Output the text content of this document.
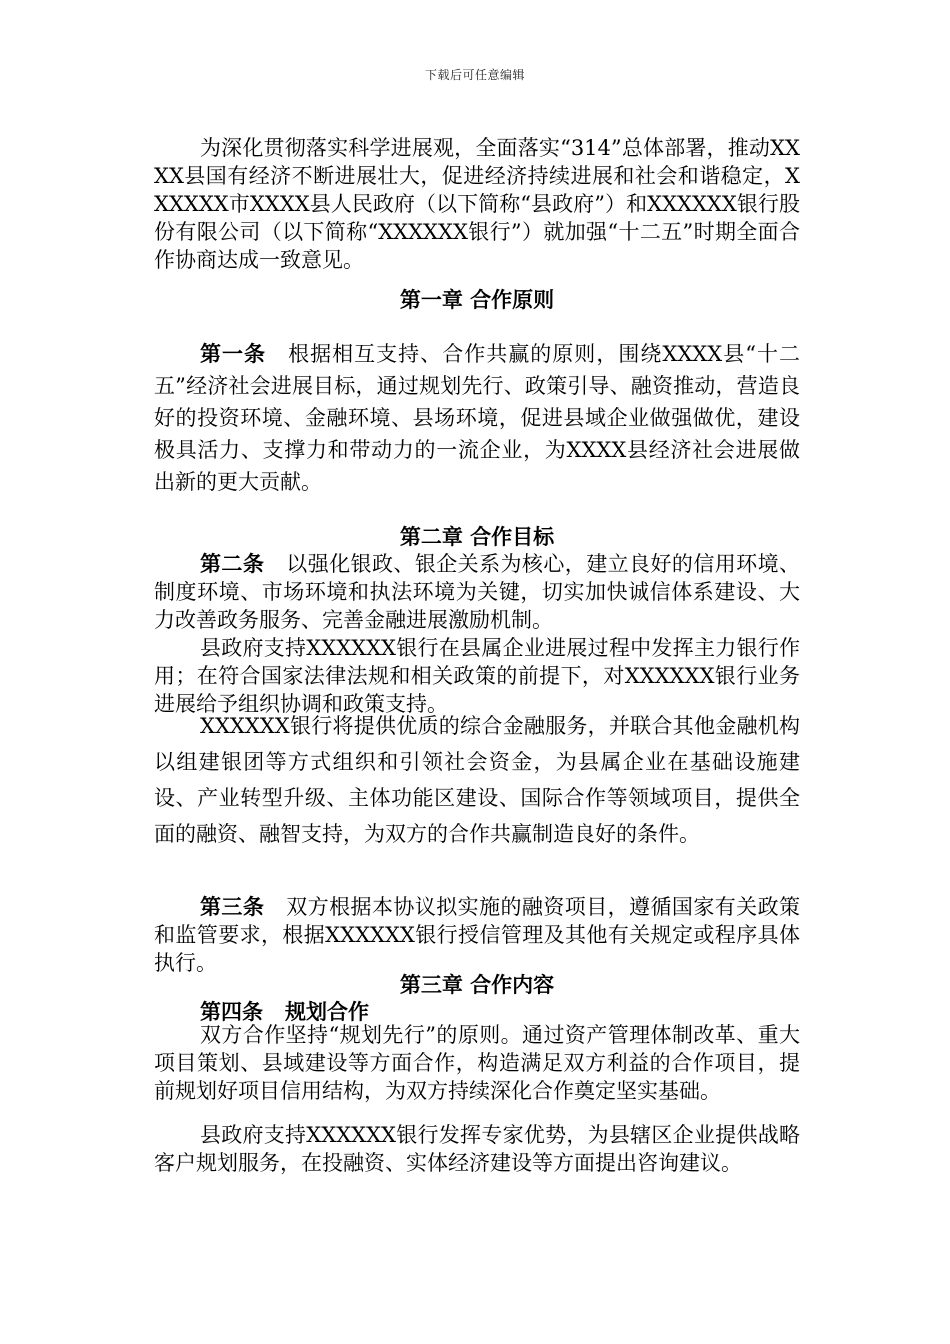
下载后可任意编辑
为深化贯彻落实科学进展观，全面落实“314”总体部署，推动XXXX县国有经济不断进展壮大，促进经济持续进展和社会和谐稳定，XXXXXX市XXXX县人民政府（以下简称“县政府”）和XXXXXX银行股份有限公司（以下简称“XXXXXX银行”）就加强“十二五”时期全面合作协商达成一致意见。
第一章 合作原则
第一条 根据相互支持、合作共赢的原则，围绕XXXX县“十二五”经济社会进展目标，通过规划先行、政策引导、融资推动，营造良好的投资环境、金融环境、县场环境，促进县域企业做强做优，建设极具活力、支撑力和带动力的一流企业，为XXXX县经济社会进展做出新的更大贡献。
第二章 合作目标
第二条 以强化银政、银企关系为核心，建立良好的信用环境、制度环境、市场环境和执法环境为关键，切实加快诚信体系建设、大力改善政务服务、完善金融进展激励机制。
县政府支持XXXXXX银行在县属企业进展过程中发挥主力银行作用；在符合国家法律法规和相关政策的前提下，对XXXXXX银行业务进展给予组织协调和政策支持。
XXXXXX银行将提供优质的综合金融服务，并联合其他金融机构以组建银团等方式组织和引领社会资金，为县属企业在基础设施建设、产业转型升级、主体功能区建设、国际合作等领域项目，提供全面的融资、融智支持，为双方的合作共赢制造良好的条件。
第三条 双方根据本协议拟实施的融资项目，遵循国家有关政策和监管要求，根据XXXXXX银行授信管理及其他有关规定或程序具体执行。
第三章 合作内容
第四条 规划合作
双方合作坚持“规划先行”的原则。通过资产管理体制改革、重大项目策划、县域建设等方面合作，构造满足双方利益的合作项目，提前规划好项目信用结构，为双方持续深化合作奠定坚实基础。
县政府支持XXXXXX银行发挥专家优势，为县辖区企业提供战略客户规划服务，在投融资、实体经济建设等方面提出咨询建议。
